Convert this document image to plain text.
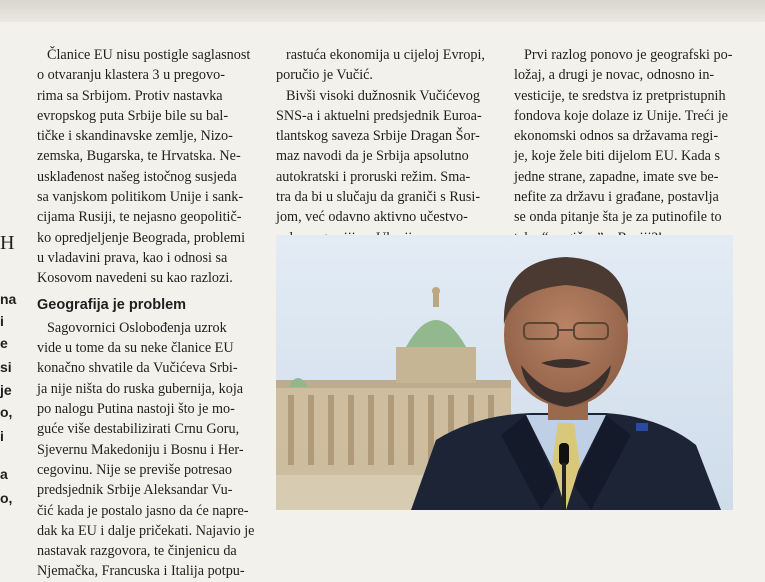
H
na
i
e
si
je
o,
i
a
o,

Članice EU nisu postigle saglasnost
o otvaranju klastera 3 u pregovo-
rima sa Srbijom. Protiv nastavka
evropskog puta Srbije bile su bal-
tičke i skandinavske zemlje, Nizo-
zemska, Bugarska, te Hrvatska. Ne-
usklađenost našeg istočnog susjeda
sa vanjskom politikom Unije i sank-
cijama Rusiji, te nejasno geopolitič-
ko opredjeljenje Beograda, problemi
u vladavini prava, kao i odnosi sa
Kosovom navedeni su kao razlozi.

Geografija je problem

Sagovornici Oslobođenja uzrok
vide u tome da su neke članice EU
konačno shvatile da Vučićeva Srbi-
ja nije ništa do ruska gubernija, koja
po nalogu Putina nastoji što je mo-
guće više destabilizirati Crnu Goru,
Sjevernu Makedoniju i Bosnu i Her-
cegovinu. Nije se previše potresao
predsjednik Srbije Aleksandar Vu-
čić kada je postalo jasno da će napre-
dak ka EU i dalje pričekati. Najavio je
nastavak razgovora, te činjenicu da
Njemačka, Francuska i Italija potpu-

rastuća ekonomija u cijeloj Evropi,
poručio je Vučić.

Bivši visoki dužnosnik Vučićevog
SNS-a i aktuelni predsjednik Euroa-
tlantskog saveza Srbije Dragan Šor-
maz navodi da je Srbija apsolutno
autokratski i proruski režim. Sma-
tra da bi u slučaju da graniči s Rusi-
jom, već odavno aktivno učestvo-

Prvi razlog ponovo je geografski po-
ložaj, a drugi je novac, odnosno in-
vesticije, te sredstva iz pretpristupnih
fondova koje dolaze iz Unije. Treći je
ekonomski odnos sa državama regi-
je, koje žele biti dijelom EU. Kada s
jedne strane, zapadne, imate sve be-
nefite za državu i građane, postavlja
se onda pitanje šta je za putinofile to
